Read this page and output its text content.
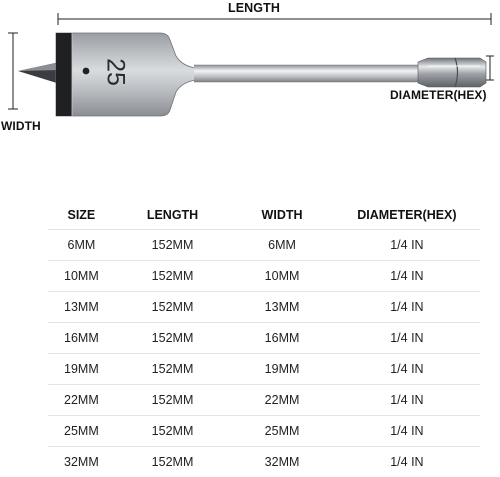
25
LENGTH
DIAMETER(HEX)
WIDTH
SIZE	LENGTH	WIDTH	DIAMETER(HEX)
6MM	152MM	6MM	1/4 IN
10MM	152MM	10MM	1/4 IN
13MM	152MM	13MM	1/4 IN
16MM	152MM	16MM	1/4 IN
19MM	152MM	19MM	1/4 IN
22MM	152MM	22MM	1/4 IN
25MM	152MM	25MM	1/4 IN
32MM	152MM	32MM	1/4 IN
